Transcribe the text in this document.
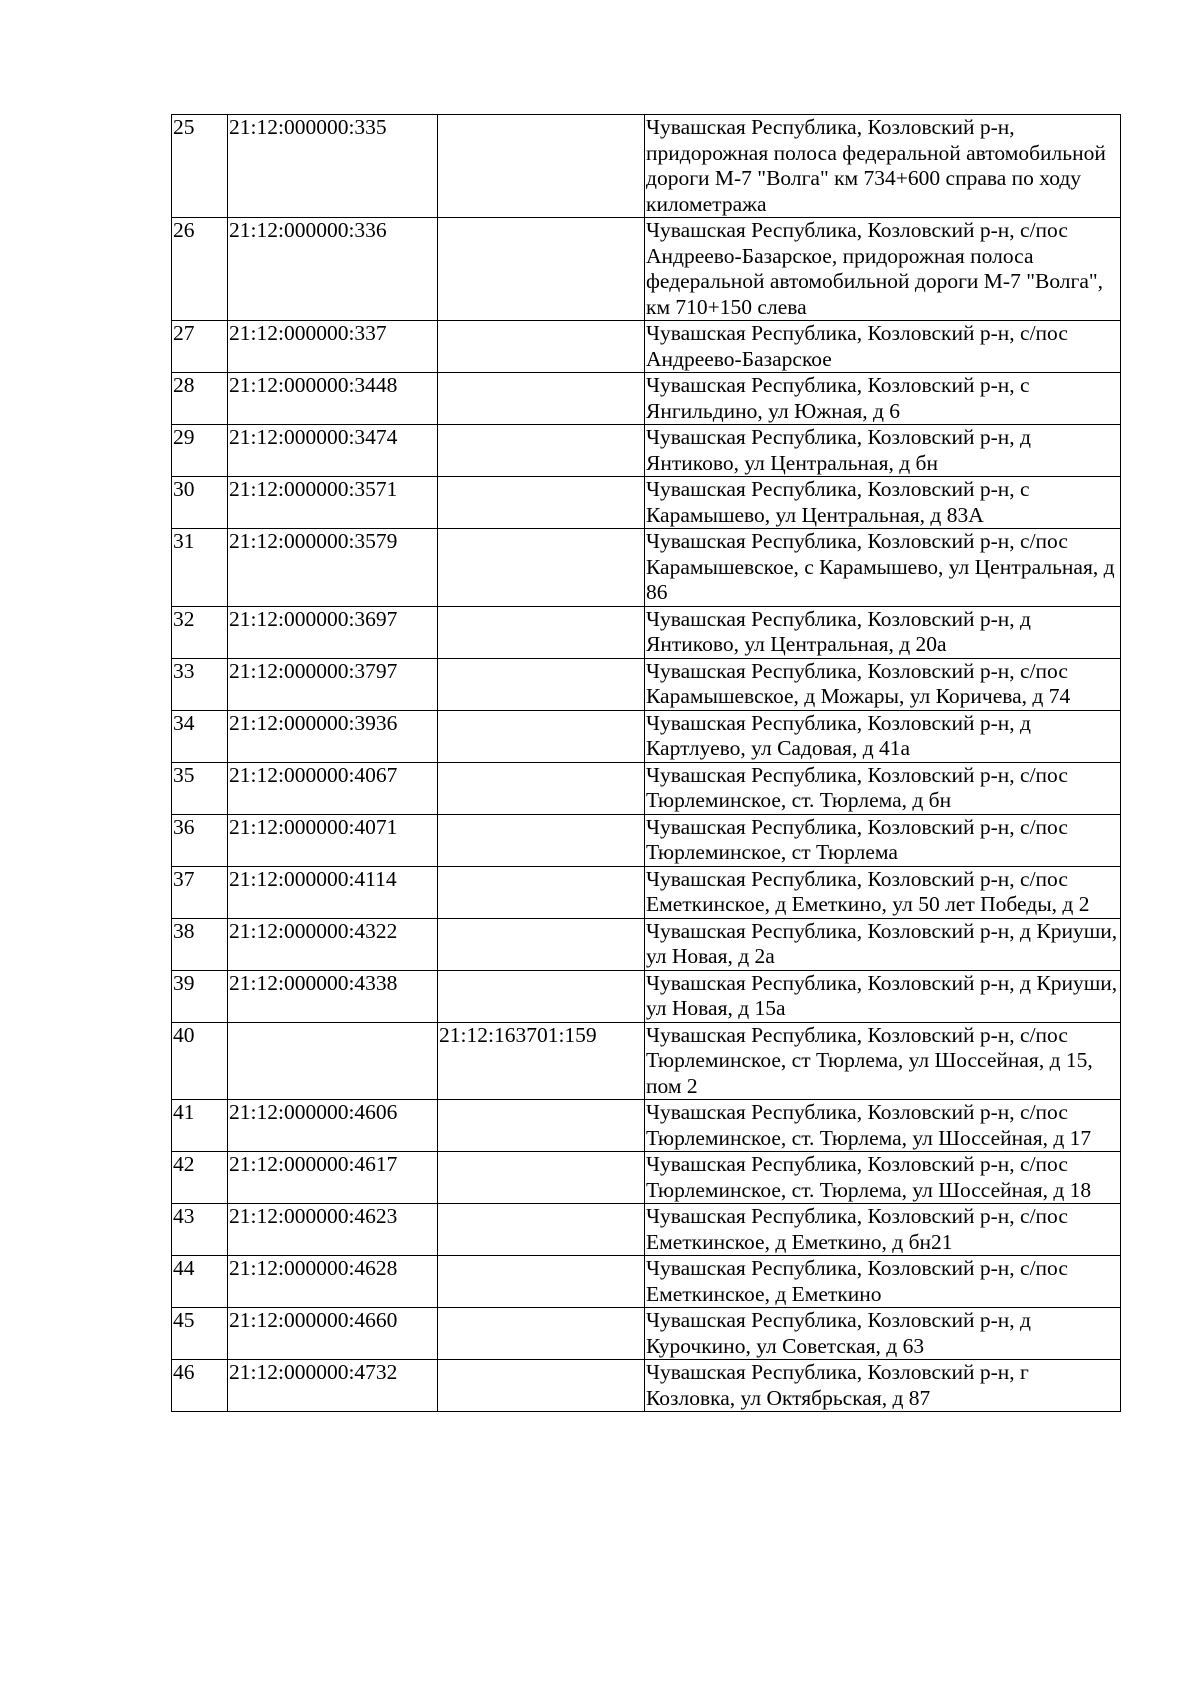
25	21:12:000000:335		Чувашская Республика, Козловский р-н, придорожная полоса федеральной автомобильной дороги М-7 "Волга" км 734+600 справа по ходу километража
26	21:12:000000:336		Чувашская Республика, Козловский р-н, с/пос Андреево-Базарское, придорожная полоса федеральной автомобильной дороги М-7 "Волга", км 710+150 слева
27	21:12:000000:337		Чувашская Республика, Козловский р-н, с/пос Андреево-Базарское
28	21:12:000000:3448		Чувашская Республика, Козловский р-н, с Янгильдино, ул Южная, д 6
29	21:12:000000:3474		Чувашская Республика, Козловский р-н, д Янтиково, ул Центральная, д бн
30	21:12:000000:3571		Чувашская Республика, Козловский р-н, с Карамышево, ул Центральная, д 83А
31	21:12:000000:3579		Чувашская Республика, Козловский р-н, с/пос Карамышевское, с Карамышево, ул Центральная, д 86
32	21:12:000000:3697		Чувашская Республика, Козловский р-н, д Янтиково, ул Центральная, д 20а
33	21:12:000000:3797		Чувашская Республика, Козловский р-н, с/пос Карамышевское, д Можары, ул Коричева, д 74
34	21:12:000000:3936		Чувашская Республика, Козловский р-н, д Картлуево, ул Садовая, д 41а
35	21:12:000000:4067		Чувашская Республика, Козловский р-н, с/пос Тюрлеминское, ст. Тюрлема, д бн
36	21:12:000000:4071		Чувашская Республика, Козловский р-н, с/пос Тюрлеминское, ст Тюрлема
37	21:12:000000:4114		Чувашская Республика, Козловский р-н, с/пос Еметкинское, д Еметкино, ул 50 лет Победы, д 2
38	21:12:000000:4322		Чувашская Республика, Козловский р-н, д Криуши, ул Новая, д 2а
39	21:12:000000:4338		Чувашская Республика, Козловский р-н, д Криуши, ул Новая, д 15а
40		21:12:163701:159	Чувашская Республика, Козловский р-н, с/пос Тюрлеминское, ст Тюрлема, ул Шоссейная, д 15, пом 2
41	21:12:000000:4606		Чувашская Республика, Козловский р-н, с/пос Тюрлеминское, ст. Тюрлема, ул Шоссейная, д 17
42	21:12:000000:4617		Чувашская Республика, Козловский р-н, с/пос Тюрлеминское, ст. Тюрлема, ул Шоссейная, д 18
43	21:12:000000:4623		Чувашская Республика, Козловский р-н, с/пос Еметкинское, д Еметкино, д бн21
44	21:12:000000:4628		Чувашская Республика, Козловский р-н, с/пос Еметкинское, д Еметкино
45	21:12:000000:4660		Чувашская Республика, Козловский р-н, д Курочкино, ул Советская, д 63
46	21:12:000000:4732		Чувашская Республика, Козловский р-н, г Козловка, ул Октябрьская, д 87
